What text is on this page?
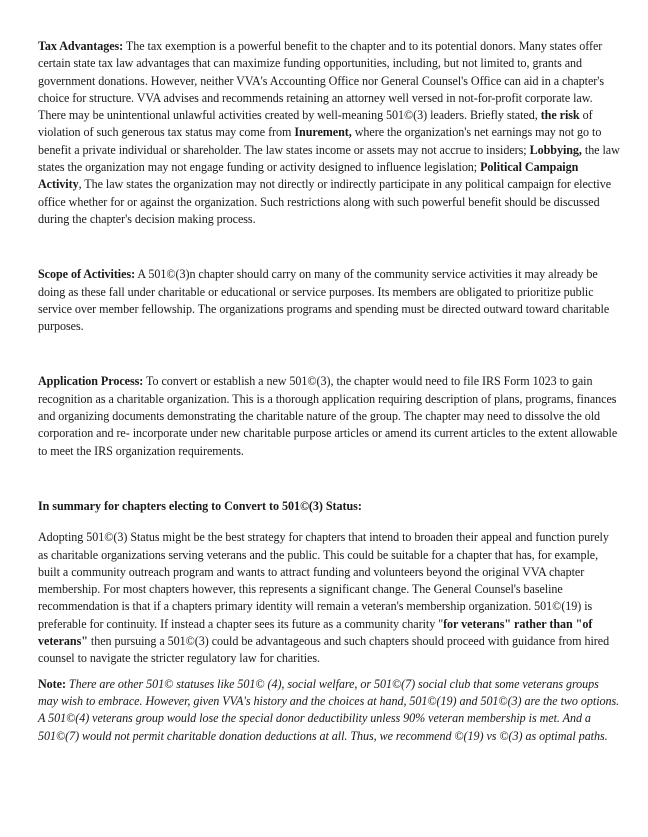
Tax Advantages: The tax exemption is a powerful benefit to the chapter and to its potential donors. Many states offer certain state tax law advantages that can maximize funding opportunities, including, but not limited to, grants and government donations. However, neither VVA's Accounting Office nor General Counsel's Office can aid in a chapter's choice for structure. VVA advises and recommends retaining an attorney well versed in not-for-profit corporate law. There may be unintentional unlawful activities created by well-meaning 501©(3) leaders. Briefly stated, the risk of violation of such generous tax status may come from Inurement, where the organization's net earnings may not go to benefit a private individual or shareholder. The law states income or assets may not accrue to insiders; Lobbying, the law states the organization may not engage funding or activity designed to influence legislation; Political Campaign Activity, The law states the organization may not directly or indirectly participate in any political campaign for elective office whether for or against the organization. Such restrictions along with such powerful benefit should be discussed during the chapter's decision making process.

Scope of Activities: A 501©(3)n chapter should carry on many of the community service activities it may already be doing as these fall under charitable or educational or service purposes. Its members are obligated to prioritize public service over member fellowship. The organizations programs and spending must be directed outward toward charitable purposes.

Application Process: To convert or establish a new 501©(3), the chapter would need to file IRS Form 1023 to gain recognition as a charitable organization. This is a thorough application requiring description of plans, programs, finances and organizing documents demonstrating the charitable nature of the group. The chapter may need to dissolve the old corporation and re- incorporate under new charitable purpose articles or amend its current articles to the extent allowable to meet the IRS organization requirements.

In summary for chapters electing to Convert to 501©(3) Status:

Adopting 501©(3) Status might be the best strategy for chapters that intend to broaden their appeal and function purely as charitable organizations serving veterans and the public. This could be suitable for a chapter that has, for example, built a community outreach program and wants to attract funding and volunteers beyond the original VVA chapter membership. For most chapters however, this represents a significant change. The General Counsel's baseline recommendation is that if a chapters primary identity will remain a veteran's membership organization. 501©(19) is preferable for continuity. If instead a chapter sees its future as a community charity "for veterans" rather than "of veterans" then pursuing a 501©(3) could be advantageous and such chapters should proceed with guidance from hired counsel to navigate the stricter regulatory law for charities.

Note: There are other 501© statuses like 501© (4), social welfare, or 501©(7) social club that some veterans groups may wish to embrace. However, given VVA's history and the choices at hand, 501©(19) and 501©(3) are the two options. A 501©(4) veterans group would lose the special donor deductibility unless 90% veteran membership is met. And a 501©(7) would not permit charitable donation deductions at all. Thus, we recommend ©(19) vs ©(3) as optimal paths.
